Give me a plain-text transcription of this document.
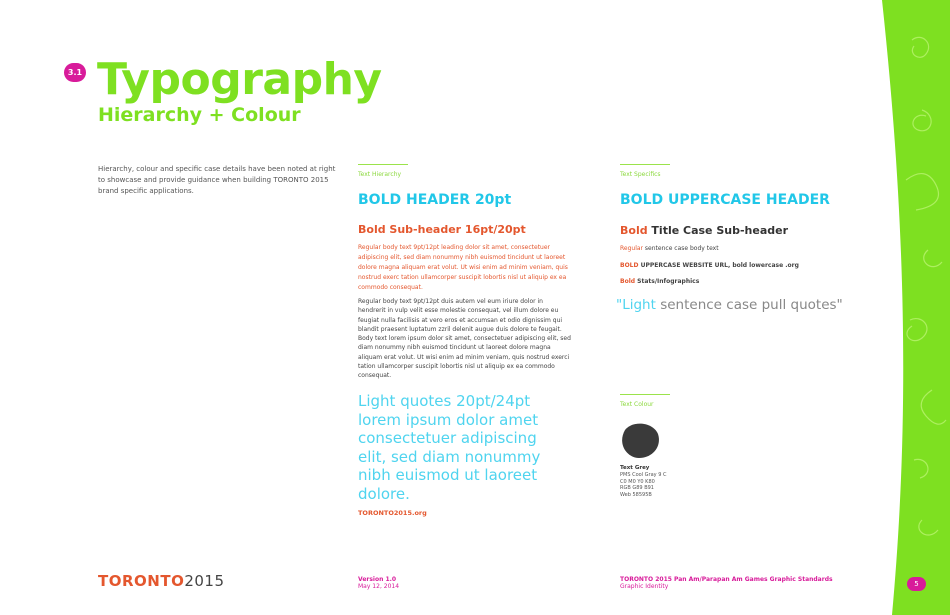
3.1 Typography
Hierarchy + Colour
Hierarchy, colour and specific case details have been noted at right to showcase and provide guidance when building TORONTO 2015 brand specific applications.
Text Hierarchy
BOLD HEADER 20pt
Bold Sub-header 16pt/20pt
Regular body text 9pt/12pt leading dolor sit amet, consectetuer adipiscing elit, sed diam nonummy nibh euismod tincidunt ut laoreet dolore magna aliquam erat volut. Ut wisi enim ad minim veniam, quis nostrud exerc tation ullamcorper suscipit lobortis nisl ut aliquip ex ea commodo consequat.
Regular body text 9pt/12pt duis autem vel eum iriure dolor in hendrerit in vulp velit esse molestie consequat, vel illum dolore eu feugiat nulla facilisis at vero eros et accumsan et odio dignissim qui blandit praesent luptatum zzril delenit augue duis dolore te feugait. Body text lorem ipsum dolor sit amet, consectetuer adipiscing elit, sed diam nonummy nibh euismod tincidunt ut laoreet dolore magna aliquam erat volut. Ut wisi enim ad minim veniam, quis nostrud exerci tation ullamcorper suscipit lobortis nisl ut aliquip ex ea commodo consequat.
Light quotes 20pt/24pt lorem ipsum dolor amet consectetuer adipiscing elit, sed diam nonummy nibh euismod ut laoreet dolore.
TORONTO2015.org
Text Specifics
BOLD UPPERCASE HEADER
Bold Title Case Sub-header
Regular sentence case body text
BOLD UPPERCASE WEBSITE URL, bold lowercase .org
Bold Stats/Infographics
"Light sentence case pull quotes"
Text Colour
Text Grey
PMS Cool Gray 9 C
C0 M0 Y0 K80
RGB G89 B91
Web 58595B
TORONTO2015	Version 1.0
May 12, 2014
TORONTO 2015 Pan Am/Parapan Am Games Graphic Standards
Graphic Identity	5
